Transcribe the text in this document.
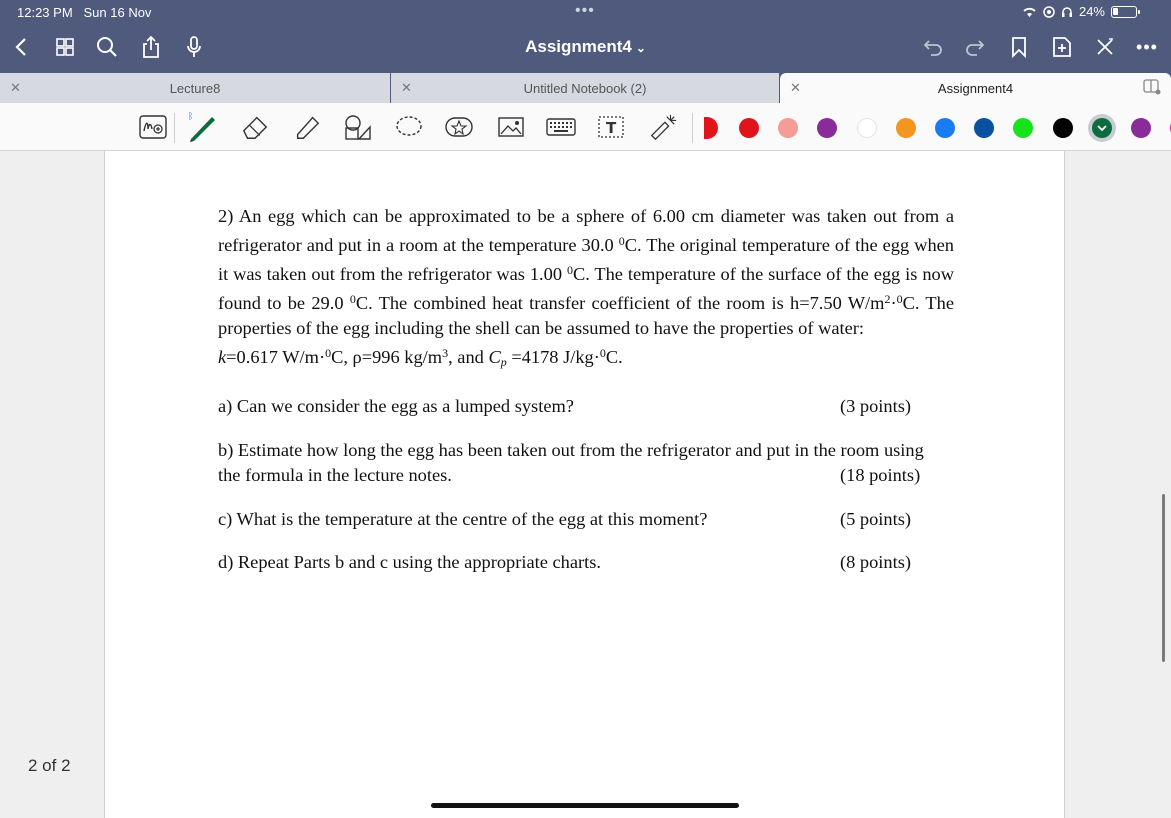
12:23 PM Sun 16 Nov	•••	24%
Assignment4 ⌄	•••
✕	Lecture8	✕	Untitled Notebook (2)	✕	Assignment4
ᛒ
T
2) An egg which can be approximated to be a sphere of 6.00 cm diameter was taken out from a refrigerator and put in a room at the temperature 30.0 $^0$C. The original temperature of the egg when it was taken out from the refrigerator was 1.00 $^0$C. The temperature of the surface of the egg is now found to be 29.0 $^0$C. The combined heat transfer coefficient of the room is h=7.50 $W/m^2\cdot^0C$. The properties of the egg including the shell can be assumed to have the properties of water:
k=0.617 W/m·$^0$C, ρ=996 $kg/m^3$, and $C_p =4178$ J/kg·$^0$C.
a) Can we consider the egg as a lumped system?	(3 points)
b) Estimate how long the egg has been taken out from the refrigerator and put in the room using
the formula in the lecture notes.	(18 points)
c) What is the temperature at the centre of the egg at this moment?	(5 points)
d) Repeat Parts b and c using the appropriate charts.	(8 points)
2 of 2
